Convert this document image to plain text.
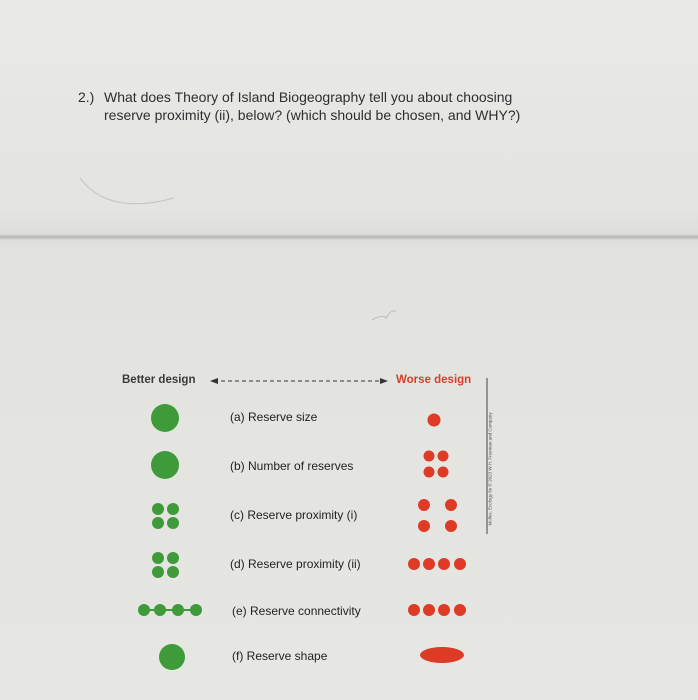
2.) What does Theory of Island Biogeography tell you about choosing
reserve proximity (ii), below? (which should be chosen, and WHY?)
Better design	Worse design
(a) Reserve size
(b) Number of reserves
(c) Reserve proximity (i)
(d) Reserve proximity (ii)
(e) Reserve connectivity
(f) Reserve shape
Molles, Ecology 8e © 2023 W.H. Freeman and Company
